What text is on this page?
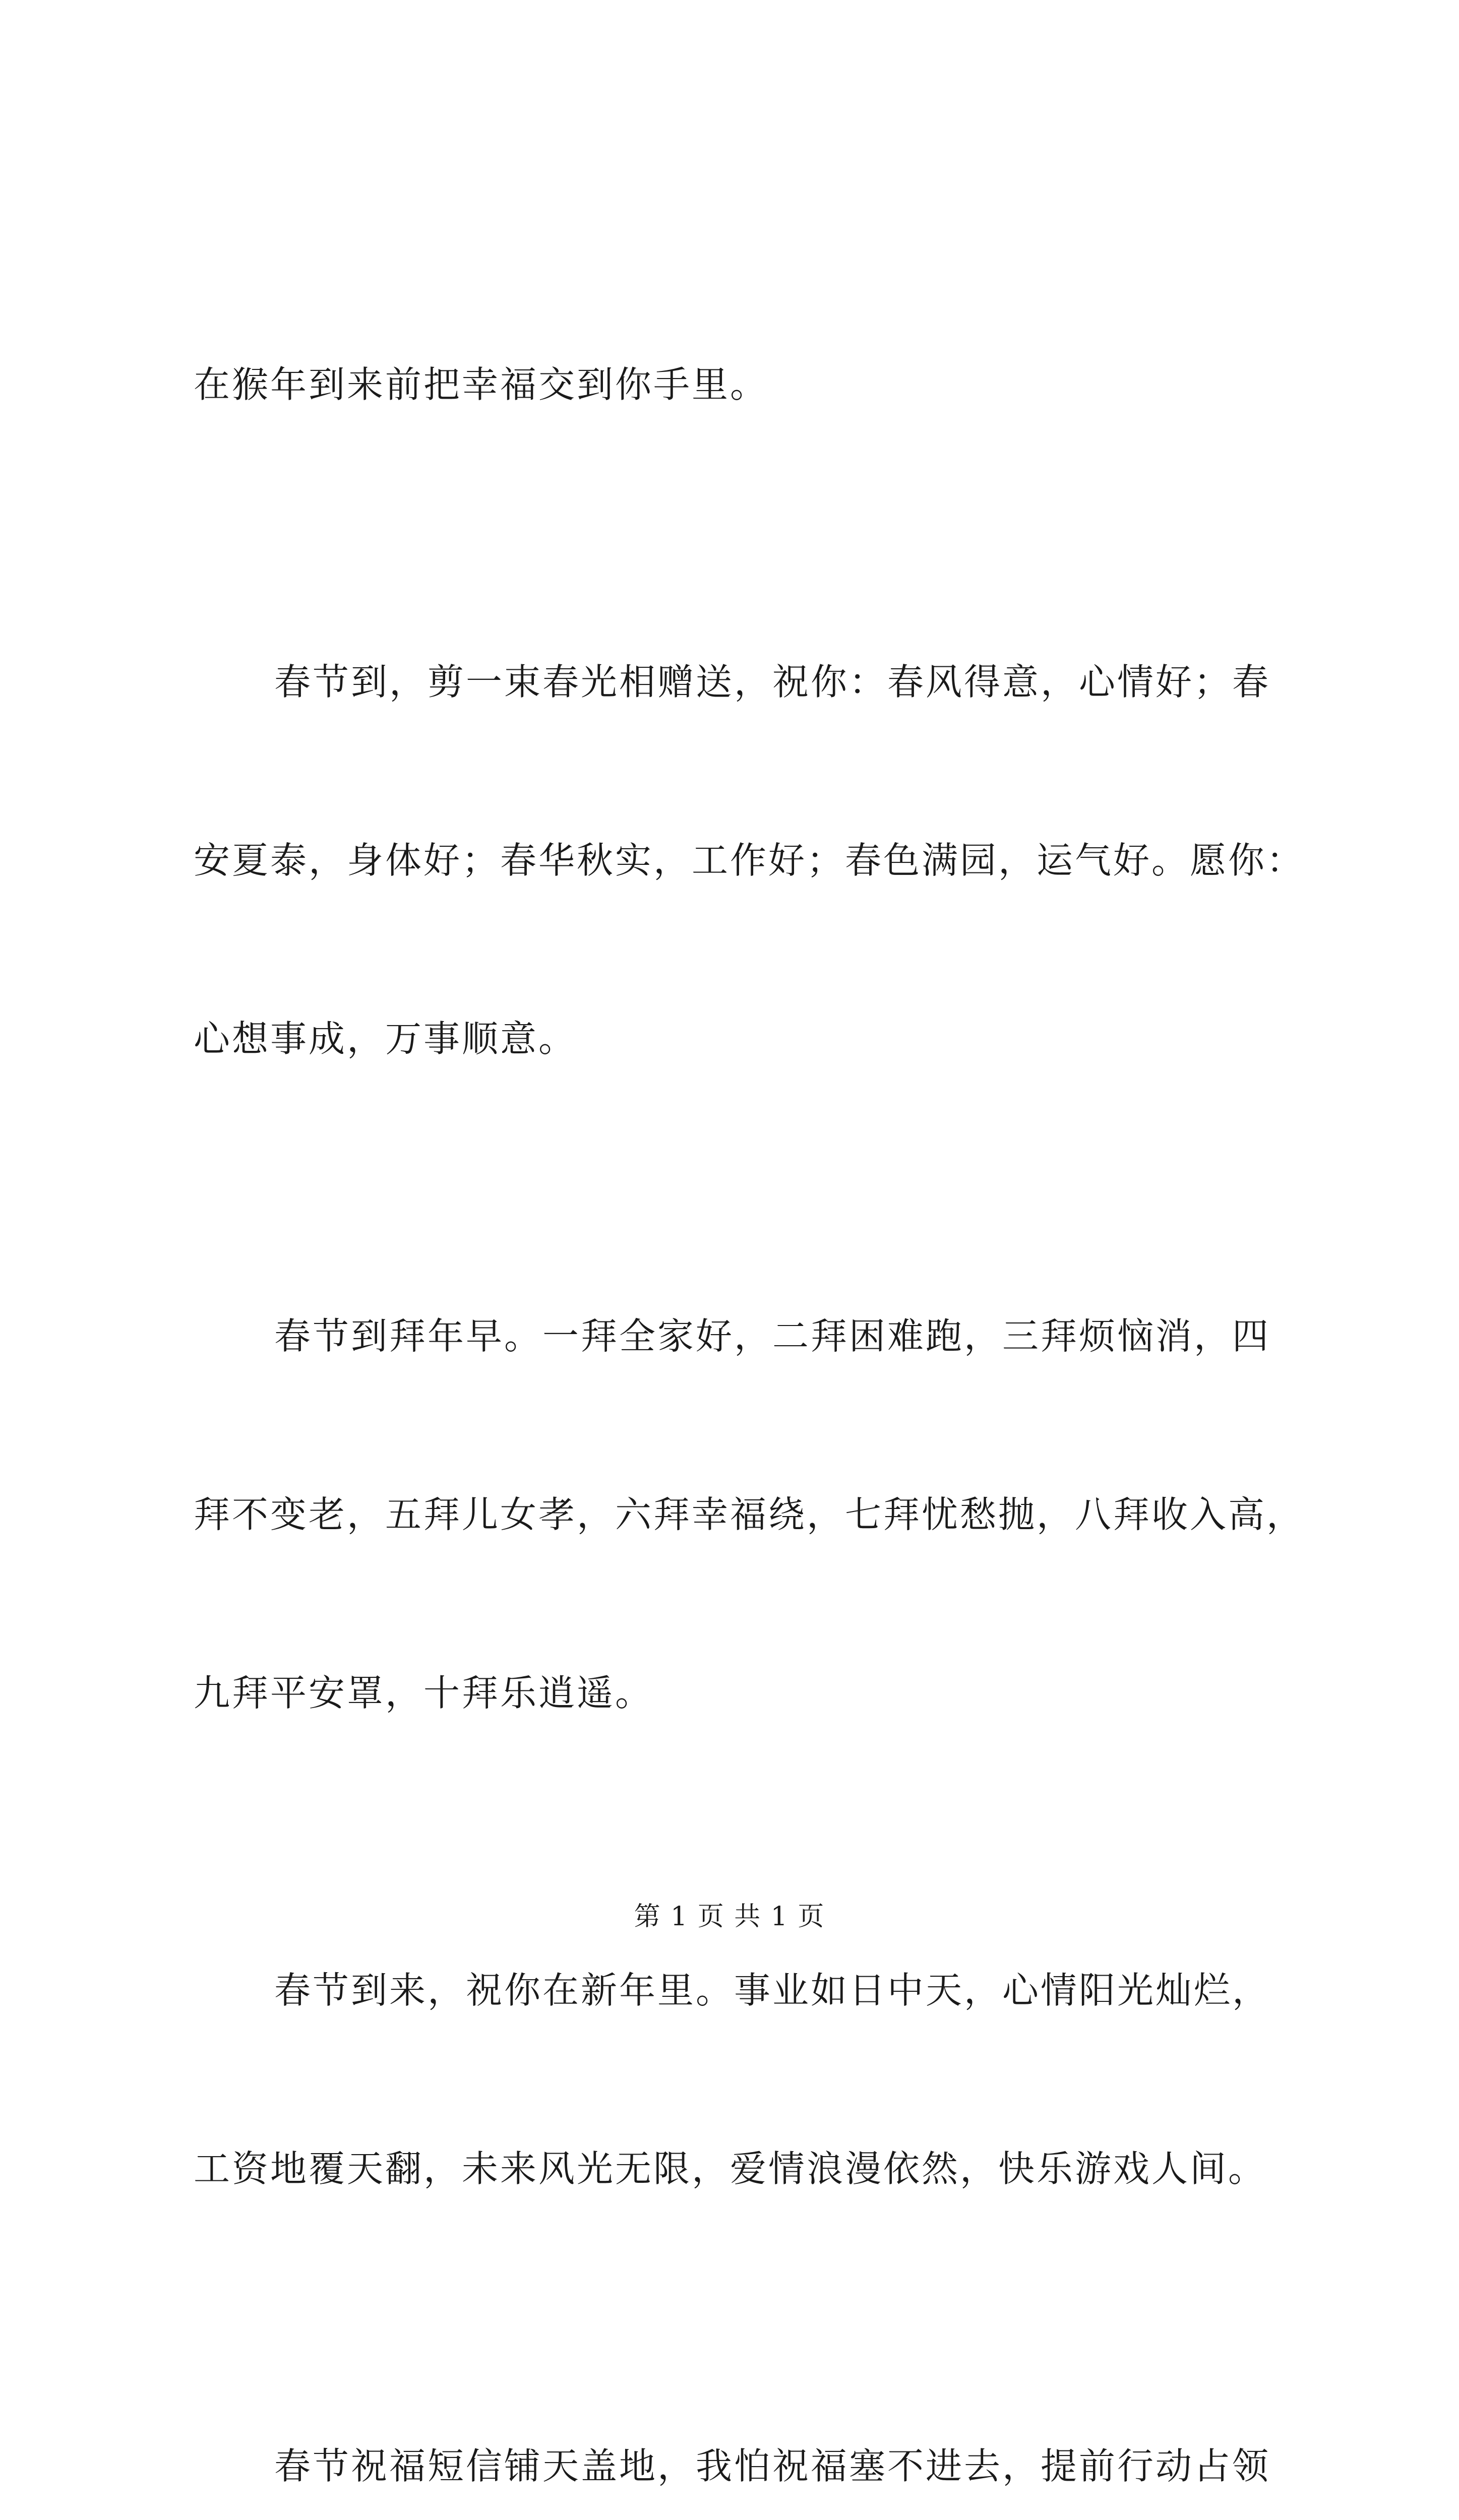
在猴年到来前把幸福交到你手里。

春节到，剪一束春光相赠送，祝你：春风得意，心情好；春

安夏泰，身体好；春华秋实，工作好；春色满园，运气好。愿你：

心想事成，万事顺意。

春节到拜年早。一拜全家好，二拜困难跑，三拜烦恼消，四

拜不变老，五拜儿女孝，六拜幸福绕，七拜忧愁抛，八拜收入高，

九拜平安罩，十拜乐逍遥。

春节到来，祝你在新年里。事业如日中天，心情阳光灿烂，

工资地覆天翻，未来风光无限，爱情浪漫依然，快乐游戏人间。

春节祝福短信铺天盖地，我怕祝福塞不进去，提前行动占领

第 1 页 共 1 页
